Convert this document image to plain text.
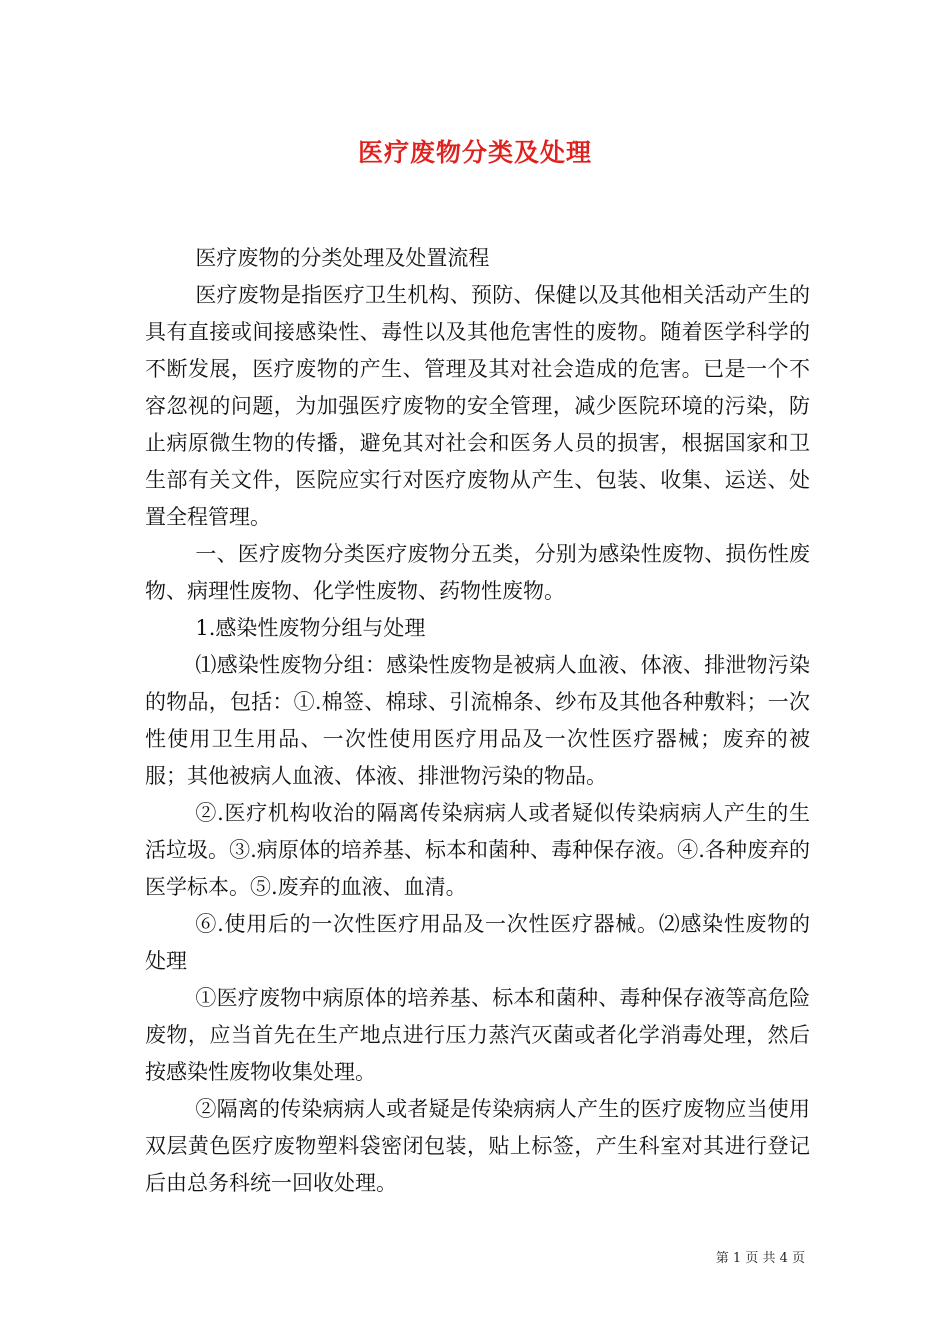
医疗废物分类及处理

医疗废物的分类处理及处置流程

医疗废物是指医疗卫生机构、预防、保健以及其他相关活动产生的具有直接或间接感染性、毒性以及其他危害性的废物。随着医学科学的不断发展，医疗废物的产生、管理及其对社会造成的危害。已是一个不容忽视的问题，为加强医疗废物的安全管理，减少医院环境的污染，防止病原微生物的传播，避免其对社会和医务人员的损害，根据国家和卫生部有关文件，医院应实行对医疗废物从产生、包装、收集、运送、处置全程管理。

一、医疗废物分类医疗废物分五类，分别为感染性废物、损伤性废物、病理性废物、化学性废物、药物性废物。

1.感染性废物分组与处理

⑴感染性废物分组：感染性废物是被病人血液、体液、排泄物污染的物品，包括：①.棉签、棉球、引流棉条、纱布及其他各种敷料；一次性使用卫生用品、一次性使用医疗用品及一次性医疗器械；废弃的被服；其他被病人血液、体液、排泄物污染的物品。

②.医疗机构收治的隔离传染病病人或者疑似传染病病人产生的生活垃圾。③.病原体的培养基、标本和菌种、毒种保存液。④.各种废弃的医学标本。⑤.废弃的血液、血清。

⑥.使用后的一次性医疗用品及一次性医疗器械。⑵感染性废物的处理

①医疗废物中病原体的培养基、标本和菌种、毒种保存液等高危险废物，应当首先在生产地点进行压力蒸汽灭菌或者化学消毒处理，然后按感染性废物收集处理。

②隔离的传染病病人或者疑是传染病病人产生的医疗废物应当使用双层黄色医疗废物塑料袋密闭包装，贴上标签，产生科室对其进行登记后由总务科统一回收处理。

第 1 页 共 4 页
